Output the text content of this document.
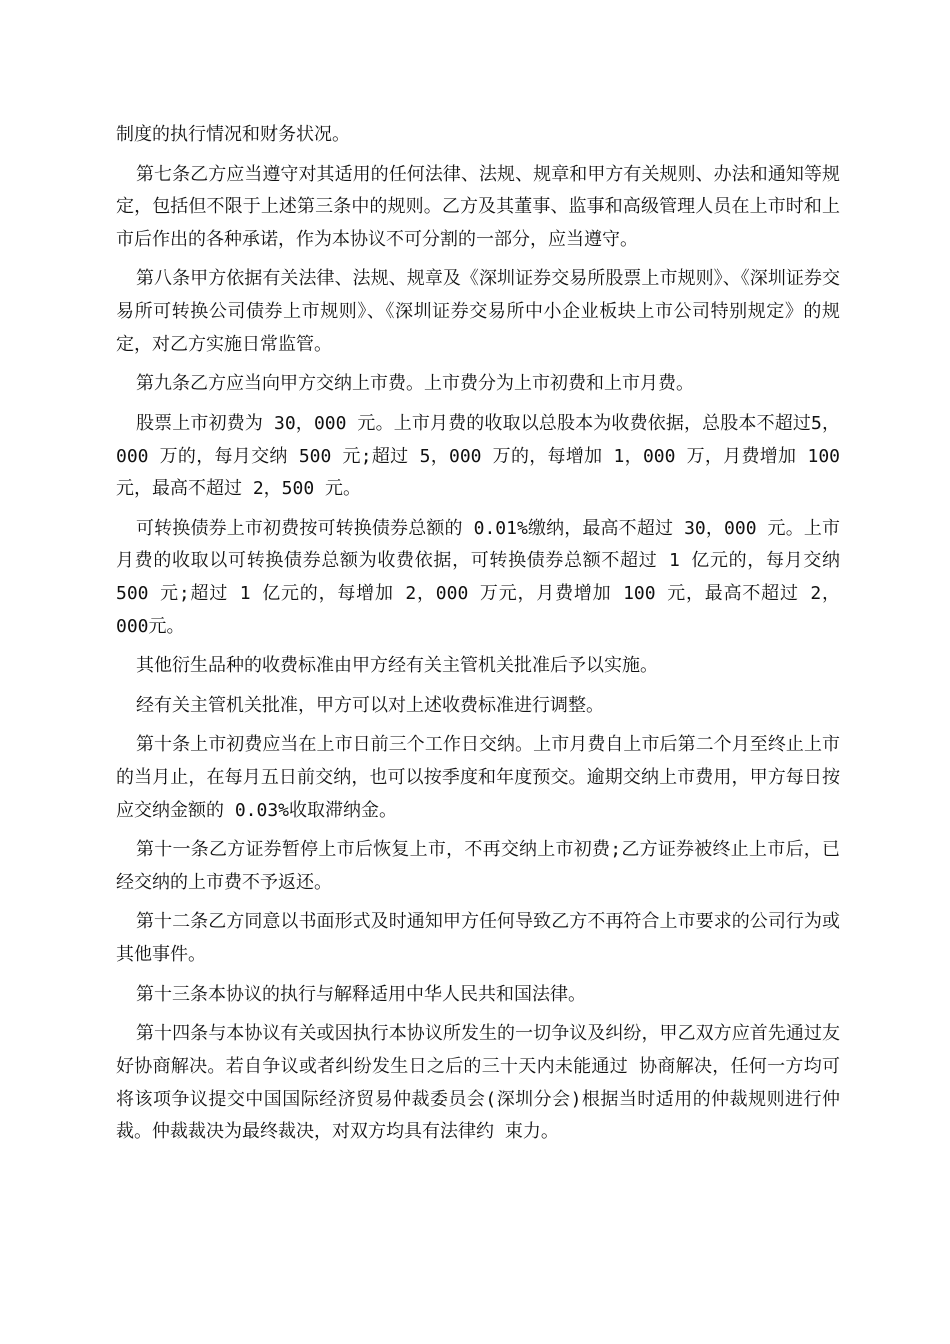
制度的执行情况和财务状况。

第七条乙方应当遵守对其适用的任何法律、法规、规章和甲方有关规则、办法和通知等规定，包括但不限于上述第三条中的规则。乙方及其董事、监事和高级管理人员在上市时和上市后作出的各种承诺，作为本协议不可分割的一部分，应当遵守。

第八条甲方依据有关法律、法规、规章及《深圳证券交易所股票上市规则》、《深圳证券交易所可转换公司债券上市规则》、《深圳证券交易所中小企业板块上市公司特别规定》的规定，对乙方实施日常监管。

第九条乙方应当向甲方交纳上市费。上市费分为上市初费和上市月费。

股票上市初费为 30，000 元。上市月费的收取以总股本为收费依据，总股本不超过5，000 万的，每月交纳 500 元;超过 5，000 万的，每增加 1，000 万，月费增加 100 元，最高不超过 2，500 元。

可转换债券上市初费按可转换债券总额的 0.01%缴纳，最高不超过 30，000 元。上市月费的收取以可转换债券总额为收费依据，可转换债券总额不超过 1 亿元的，每月交纳 500 元;超过 1 亿元的，每增加 2，000 万元，月费增加 100 元，最高不超过 2，000元。

其他衍生品种的收费标准由甲方经有关主管机关批准后予以实施。

经有关主管机关批准，甲方可以对上述收费标准进行调整。

第十条上市初费应当在上市日前三个工作日交纳。上市月费自上市后第二个月至终止上市的当月止，在每月五日前交纳，也可以按季度和年度预交。逾期交纳上市费用，甲方每日按应交纳金额的 0.03%收取滞纳金。

第十一条乙方证券暂停上市后恢复上市，不再交纳上市初费;乙方证券被终止上市后，已经交纳的上市费不予返还。

第十二条乙方同意以书面形式及时通知甲方任何导致乙方不再符合上市要求的公司行为或其他事件。

第十三条本协议的执行与解释适用中华人民共和国法律。

第十四条与本协议有关或因执行本协议所发生的一切争议及纠纷，甲乙双方应首先通过友好协商解决。若自争议或者纠纷发生日之后的三十天内未能通过 协商解决，任何一方均可将该项争议提交中国国际经济贸易仲裁委员会(深圳分会)根据当时适用的仲裁规则进行仲裁。仲裁裁决为最终裁决，对双方均具有法律约 束力。
